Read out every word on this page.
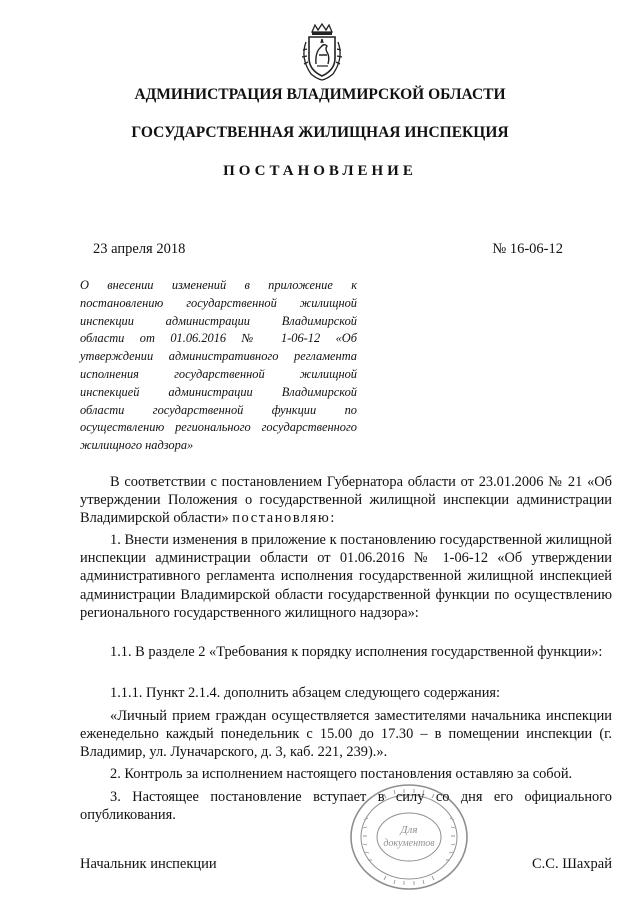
АДМИНИСТРАЦИЯ ВЛАДИМИРСКОЙ ОБЛАСТИ
ГОСУДАРСТВЕННАЯ ЖИЛИЩНАЯ ИНСПЕКЦИЯ
ПОСТАНОВЛЕНИЕ
23 апреля 2018	№ 16-06-12
О внесении изменений в приложение к
постановлению государственной жилищной
инспекции администрации Владимирской
области от 01.06.2016 № 1-06-12 «Об
утверждении административного регламента
исполнения государственной жилищной
инспекцией администрации Владимирской
области государственной функции по
осуществлению регионального государственного
жилищного надзора»
В соответствии с постановлением Губернатора области от 23.01.2006 № 21 «Об утверждении Положения о государственной жилищной инспекции администрации Владимирской области» постановляю:
1. Внести изменения в приложение к постановлению государственной жилищной инспекции администрации области от 01.06.2016 № 1-06-12 «Об утверждении административного регламента исполнения государственной жилищной инспекцией администрации Владимирской области государственной функции по осуществлению регионального государственного жилищного надзора»:
1.1. В разделе 2 «Требования к порядку исполнения государственной функции»:
1.1.1. Пункт 2.1.4. дополнить абзацем следующего содержания:
«Личный прием граждан осуществляется заместителями начальника инспекции еженедельно каждый понедельник с 15.00 до 17.30 – в помещении инспекции (г. Владимир, ул. Луначарского, д. 3, каб. 221, 239).».
2. Контроль за исполнением настоящего постановления оставляю за собой.
3. Настоящее постановление вступает в силу со дня его официального опубликования.
Начальник инспекции	С.С. Шахрай
Для
документов
